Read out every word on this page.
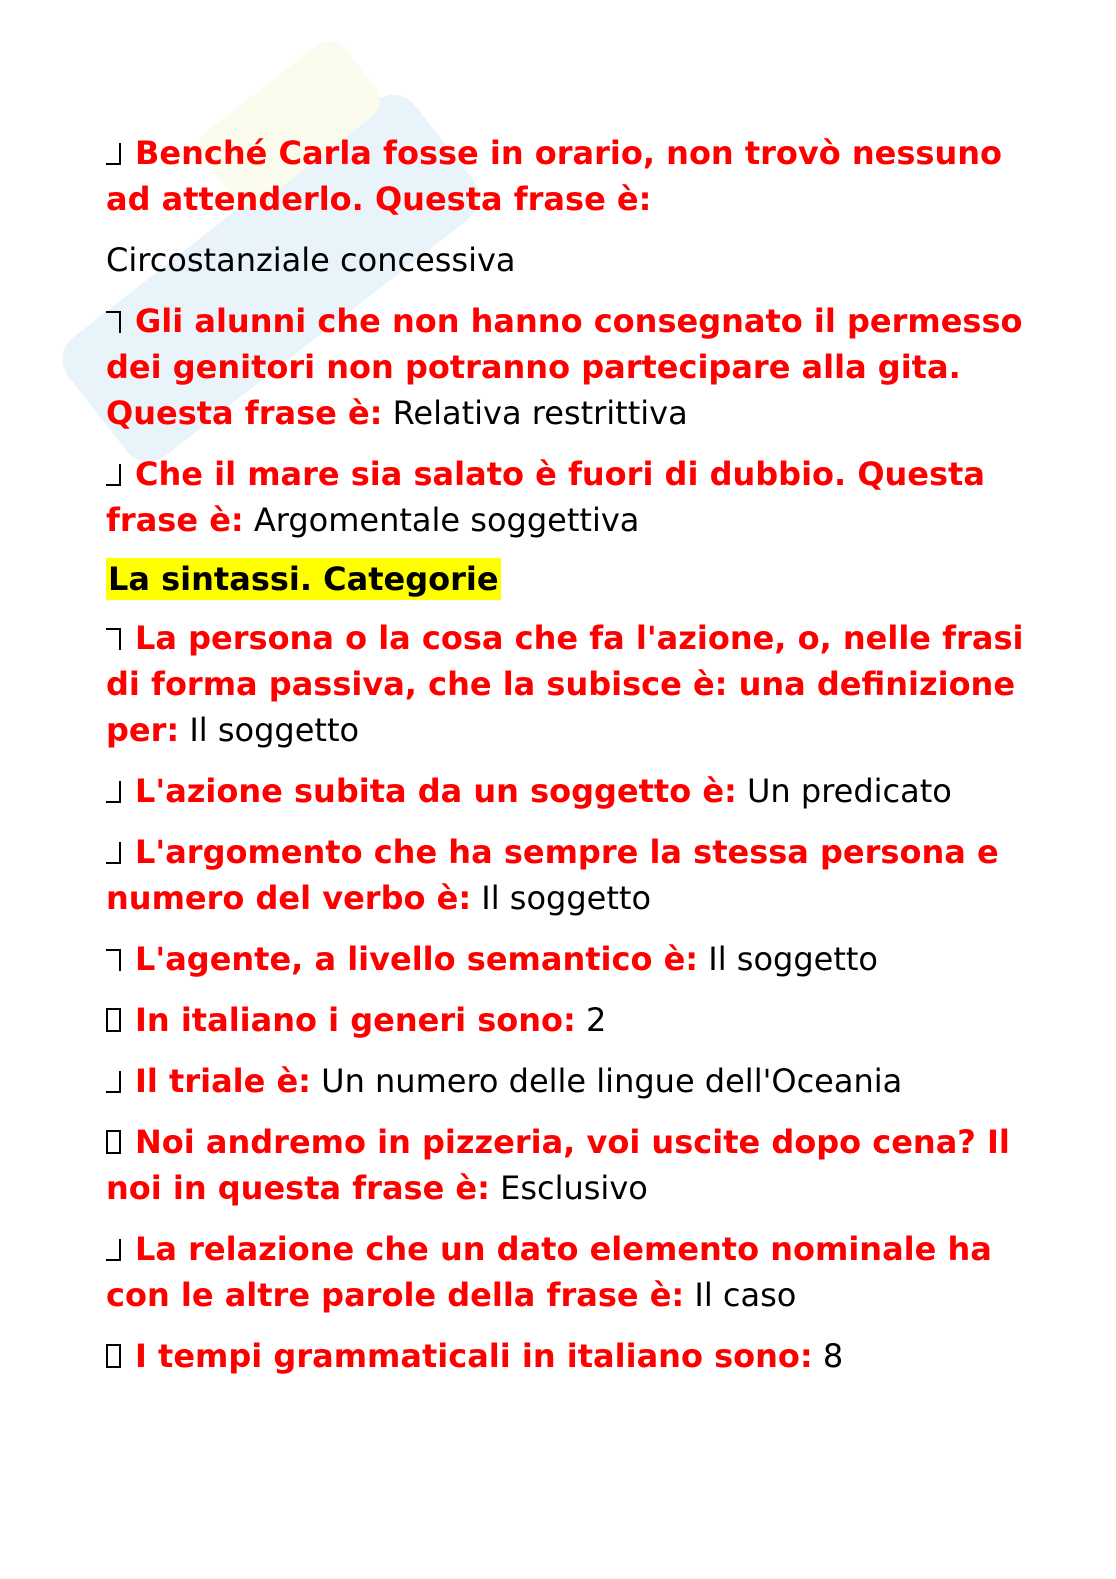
Benché Carla fosse in orario, non trovò nessuno ad attenderlo. Questa frase è:
Circostanziale concessiva
Gli alunni che non hanno consegnato il permesso dei genitori non potranno partecipare alla gita. Questa frase è: Relativa restrittiva
Che il mare sia salato è fuori di dubbio. Questa frase è: Argomentale soggettiva
La sintassi. Categorie
La persona o la cosa che fa l'azione, o, nelle frasi di forma passiva, che la subisce è: una definizione per: Il soggetto
L'azione subita da un soggetto è: Un predicato
L'argomento che ha sempre la stessa persona e numero del verbo è: Il soggetto
L'agente, a livello semantico è: Il soggetto
In italiano i generi sono: 2
Il triale è: Un numero delle lingue dell'Oceania
Noi andremo in pizzeria, voi uscite dopo cena? Il noi in questa frase è: Esclusivo
La relazione che un dato elemento nominale ha con le altre parole della frase è: Il caso
I tempi grammaticali in italiano sono: 8
